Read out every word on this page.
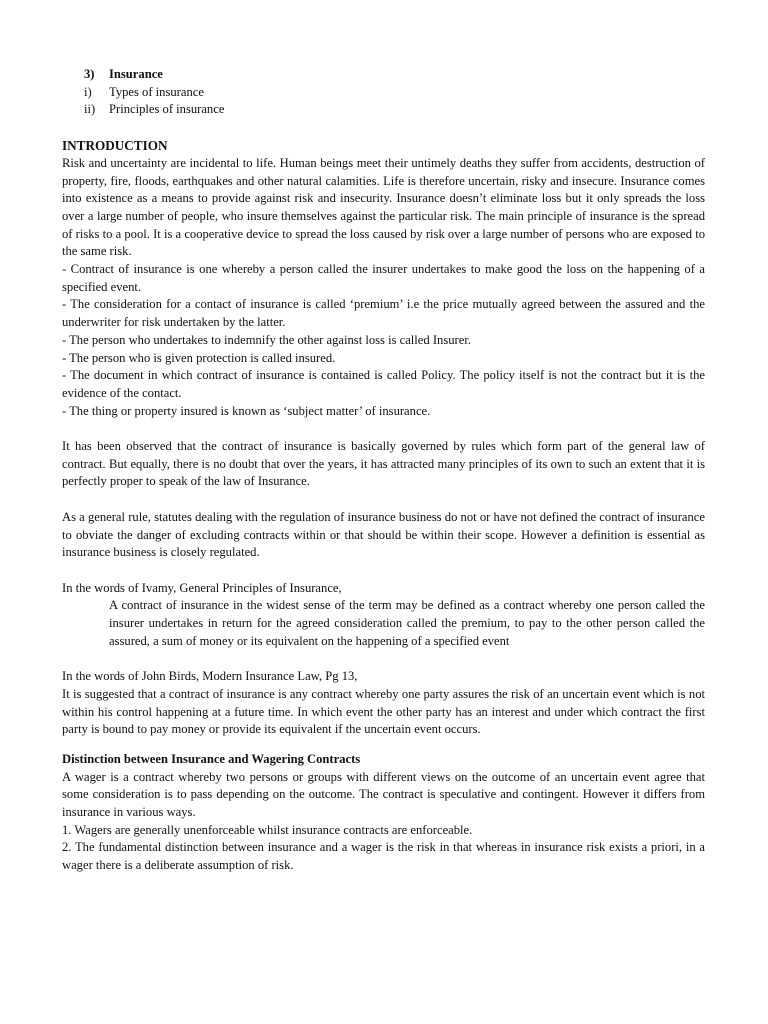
3)	Insurance
i)	Types of insurance
ii)	Principles of insurance
INTRODUCTION

Risk and uncertainty are incidental to life. Human beings meet their untimely deaths they suffer from accidents, destruction of property, fire, floods, earthquakes and other natural calamities. Life is therefore uncertain, risky and insecure. Insurance comes into existence as a means to provide against risk and insecurity. Insurance doesn’t eliminate loss but it only spreads the loss over a large number of people, who insure themselves against the particular risk. The main principle of insurance is the spread of risks to a pool. It is a cooperative device to spread the loss caused by risk over a large number of persons who are exposed to the same risk.

- Contract of insurance is one whereby a person called the insurer undertakes to make good the loss on the happening of a specified event.

- The consideration for a contact of insurance is called ‘premium’ i.e the price mutually agreed between the assured and the underwriter for risk undertaken by the latter.

- The person who undertakes to indemnify the other against loss is called Insurer.

- The person who is given protection is called insured.

- The document in which contract of insurance is contained is called Policy. The policy itself is not the contract but it is the evidence of the contact.

- The thing or property insured is known as ‘subject matter’ of insurance.

It has been observed that the contract of insurance is basically governed by rules which form part of the general law of contract. But equally, there is no doubt that over the years, it has attracted many principles of its own to such an extent that it is perfectly proper to speak of the law of Insurance.

As a general rule, statutes dealing with the regulation of insurance business do not or have not defined the contract of insurance to obviate the danger of excluding contracts within or that should be within their scope. However a definition is essential as insurance business is closely regulated.

In the words of Ivamy, General Principles of Insurance,

A contract of insurance in the widest sense of the term may be defined as a contract whereby one person called the insurer undertakes in return for the agreed consideration called the premium, to pay to the other person called the assured, a sum of money or its equivalent on the happening of a specified event

In the words of John Birds, Modern Insurance Law, Pg 13,

It is suggested that a contract of insurance is any contract whereby one party assures the risk of an uncertain event which is not within his control happening at a future time. In which event the other party has an interest and under which contract the first party is bound to pay money or provide its equivalent if the uncertain event occurs.

Distinction between Insurance and Wagering Contracts

A wager is a contract whereby two persons or groups with different views on the outcome of an uncertain event agree that some consideration is to pass depending on the outcome. The contract is speculative and contingent. However it differs from insurance in various ways.

1. Wagers are generally unenforceable whilst insurance contracts are enforceable.

2. The fundamental distinction between insurance and a wager is the risk in that whereas in insurance risk exists a priori, in a wager there is a deliberate assumption of risk.
